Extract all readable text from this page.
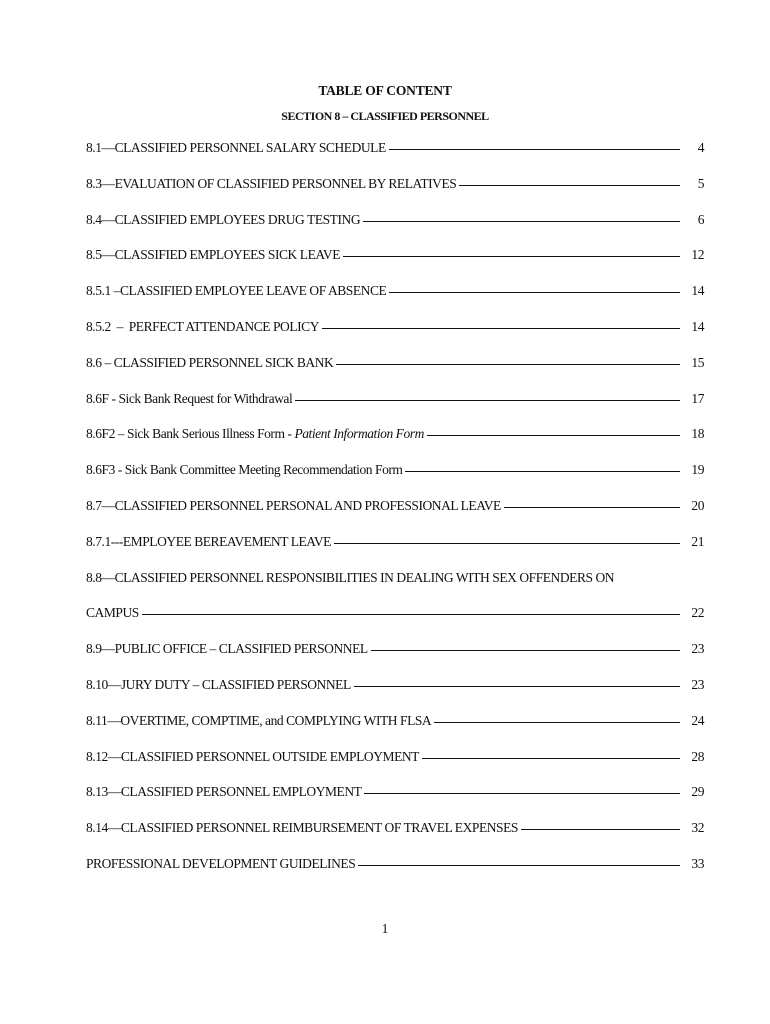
TABLE OF CONTENT
SECTION 8 – CLASSIFIED PERSONNEL
8.1—CLASSIFIED PERSONNEL SALARY SCHEDULE	4
8.3—EVALUATION OF CLASSIFIED PERSONNEL BY RELATIVES	5
8.4—CLASSIFIED EMPLOYEES DRUG TESTING	6
8.5—CLASSIFIED EMPLOYEES SICK LEAVE	12
8.5.1 –CLASSIFIED EMPLOYEE LEAVE OF ABSENCE	14
8.5.2  –  PERFECT ATTENDANCE POLICY	14
8.6 – CLASSIFIED PERSONNEL SICK BANK	15
8.6F - Sick Bank Request for Withdrawal	17
8.6F2 – Sick Bank Serious Illness Form - Patient Information Form	18
8.6F3 - Sick Bank Committee Meeting Recommendation Form	19
8.7—CLASSIFIED PERSONNEL PERSONAL AND PROFESSIONAL LEAVE	20
8.7.1---EMPLOYEE BEREAVEMENT LEAVE	21
8.8—CLASSIFIED PERSONNEL RESPONSIBILITIES IN DEALING WITH SEX OFFENDERS ON
CAMPUS	22
8.9—PUBLIC OFFICE – CLASSIFIED PERSONNEL	23
8.10—JURY DUTY – CLASSIFIED PERSONNEL	23
8.11—OVERTIME, COMPTIME, and COMPLYING WITH FLSA	24
8.12—CLASSIFIED PERSONNEL OUTSIDE EMPLOYMENT	28
8.13—CLASSIFIED PERSONNEL EMPLOYMENT	29
8.14—CLASSIFIED PERSONNEL REIMBURSEMENT OF TRAVEL EXPENSES	32
PROFESSIONAL DEVELOPMENT GUIDELINES	33
1
